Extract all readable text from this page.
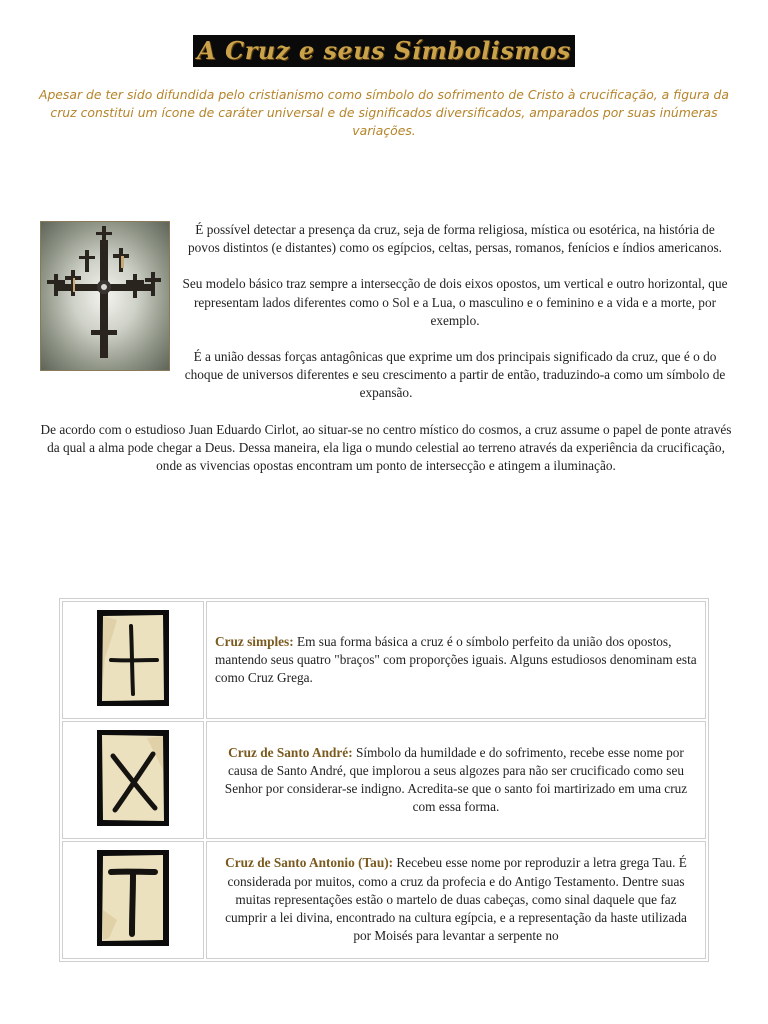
A Cruz e seus Símbolismos

Apesar de ter sido difundida pelo cristianismo como símbolo do sofrimento de Cristo à crucificação, a figura da cruz constitui um ícone de caráter universal e de significados diversificados, amparados por suas inúmeras variações.

É possível detectar a presença da cruz, seja de forma religiosa, mística ou esotérica, na história de povos distintos (e distantes) como os egípcios, celtas, persas, romanos, fenícios e índios americanos.

Seu modelo básico traz sempre a intersecção de dois eixos opostos, um vertical e outro horizontal, que representam lados diferentes como o Sol e a Lua, o masculino e o feminino e a vida e a morte, por exemplo.

É a união dessas forças antagônicas que exprime um dos principais significado da cruz, que é o do choque de universos diferentes e seu crescimento a partir de então, traduzindo-a como um símbolo de expansão.

De acordo com o estudioso Juan Eduardo Cirlot, ao situar-se no centro místico do cosmos, a cruz assume o papel de ponte através da qual a alma pode chegar a Deus. Dessa maneira, ela liga o mundo celestial ao terreno através da experiência da crucificação, onde as vivencias opostas encontram um ponto de intersecção e atingem a iluminação.

	Cruz simples: Em sua forma básica a cruz é o símbolo perfeito da união dos opostos, mantendo seus quatro "braços" com proporções iguais. Alguns estudiosos denominam esta como Cruz Grega.

	Cruz de Santo André: Símbolo da humildade e do sofrimento, recebe esse nome por causa de Santo André, que implorou a seus algozes para não ser crucificado como seu Senhor por considerar-se indigno. Acredita-se que o santo foi martirizado em uma cruz com essa forma.

	Cruz de Santo Antonio (Tau): Recebeu esse nome por reproduzir a letra grega Tau. É considerada por muitos, como a cruz da profecia e do Antigo Testamento. Dentre suas muitas representações estão o martelo de duas cabeças, como sinal daquele que faz cumprir a lei divina, encontrado na cultura egípcia, e a representação da haste utilizada por Moisés para levantar a serpente no
